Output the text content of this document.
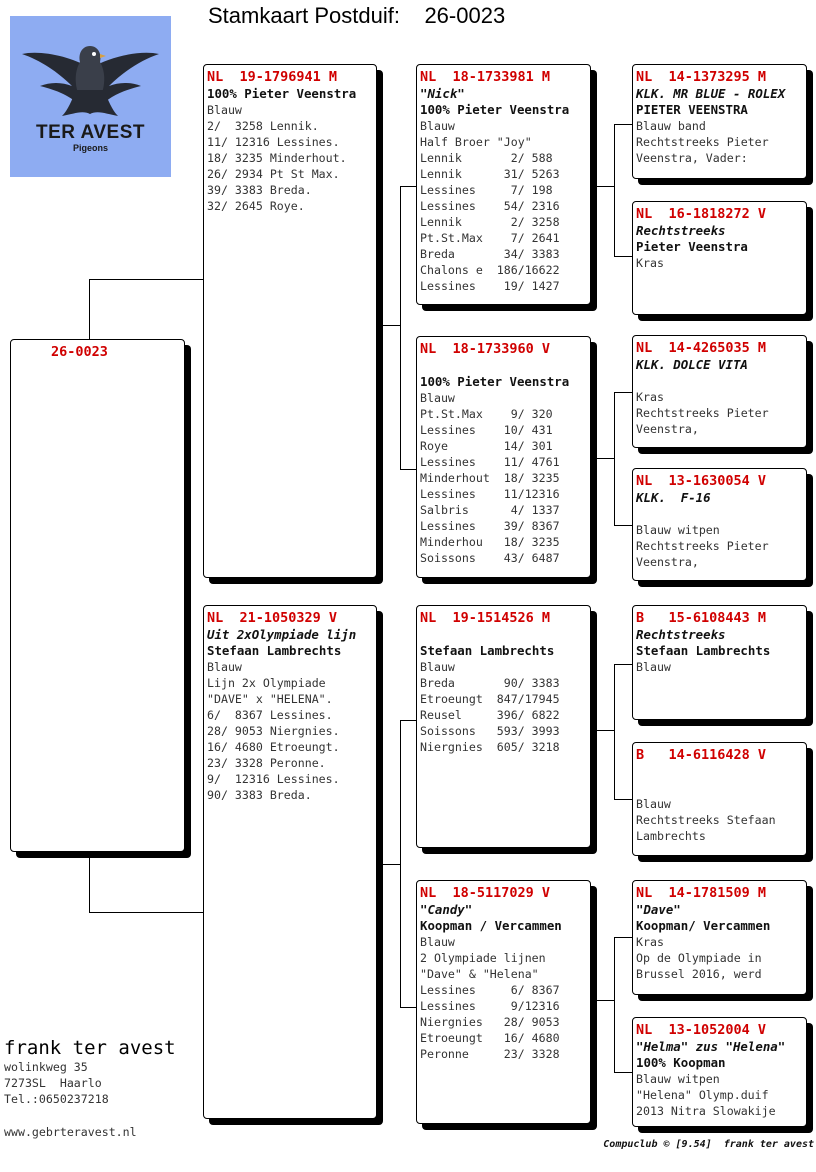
Stamkaart Postduif: 26-0023
TER AVEST
Pigeons
26-0023
NL  19-1796941 M
100% Pieter Veenstra
Blauw
2/  3258 Lennik.
11/ 12316 Lessines.
18/ 3235 Minderhout.
26/ 2934 Pt St Max.
39/ 3383 Breda.
32/ 2645 Roye.
NL  21-1050329 V
Uit 2xOlympiade lijn
Stefaan Lambrechts
Blauw
Lijn 2x Olympiade
"DAVE" x "HELENA".
6/  8367 Lessines.
28/ 9053 Niergnies.
16/ 4680 Etroeungt.
23/ 3328 Peronne.
9/  12316 Lessines.
90/ 3383 Breda.
NL  18-1733981 M
"Nick"
100% Pieter Veenstra
Blauw
Half Broer "Joy"
Lennik       2/ 588
Lennik      31/ 5263
Lessines     7/ 198
Lessines    54/ 2316
Lennik       2/ 3258
Pt.St.Max    7/ 2641
Breda       34/ 3383
Chalons e  186/16622
Lessines    19/ 1427
NL  18-1733960 V
100% Pieter Veenstra
Blauw
Pt.St.Max    9/ 320
Lessines    10/ 431
Roye        14/ 301
Lessines    11/ 4761
Minderhout  18/ 3235
Lessines    11/12316
Salbris      4/ 1337
Lessines    39/ 8367
Minderhou   18/ 3235
Soissons    43/ 6487
NL  19-1514526 M
Stefaan Lambrechts
Blauw
Breda       90/ 3383
Etroeungt  847/17945
Reusel     396/ 6822
Soissons   593/ 3993
Niergnies  605/ 3218
NL  18-5117029 V
"Candy"
Koopman / Vercammen
Blauw
2 Olympiade lijnen
"Dave" & "Helena"
Lessines     6/ 8367
Lessines     9/12316
Niergnies   28/ 9053
Etroeungt   16/ 4680
Peronne     23/ 3328
NL  14-1373295 M
KLK. MR BLUE - ROLEX
PIETER VEENSTRA
Blauw band
Rechtstreeks Pieter
Veenstra, Vader:
NL  16-1818272 V
Rechtstreeks
Pieter Veenstra
Kras
NL  14-4265035 M
KLK. DOLCE VITA
Kras
Rechtstreeks Pieter
Veenstra,
NL  13-1630054 V
KLK.  F-16
Blauw witpen
Rechtstreeks Pieter
Veenstra,
B   15-6108443 M
Rechtstreeks
Stefaan Lambrechts
Blauw
B   14-6116428 V
Blauw
Rechtstreeks Stefaan
Lambrechts
NL  14-1781509 M
"Dave"
Koopman/ Vercammen
Kras
Op de Olympiade in
Brussel 2016, werd
NL  13-1052004 V
"Helma" zus "Helena"
100% Koopman
Blauw witpen
"Helena" Olymp.duif
2013 Nitra Slowakije
frank ter avest
wolinkweg 35
7273SL  Haarlo
Tel.:0650237218
www.gebrteravest.nl
Compuclub © [9.54]  frank ter avest
